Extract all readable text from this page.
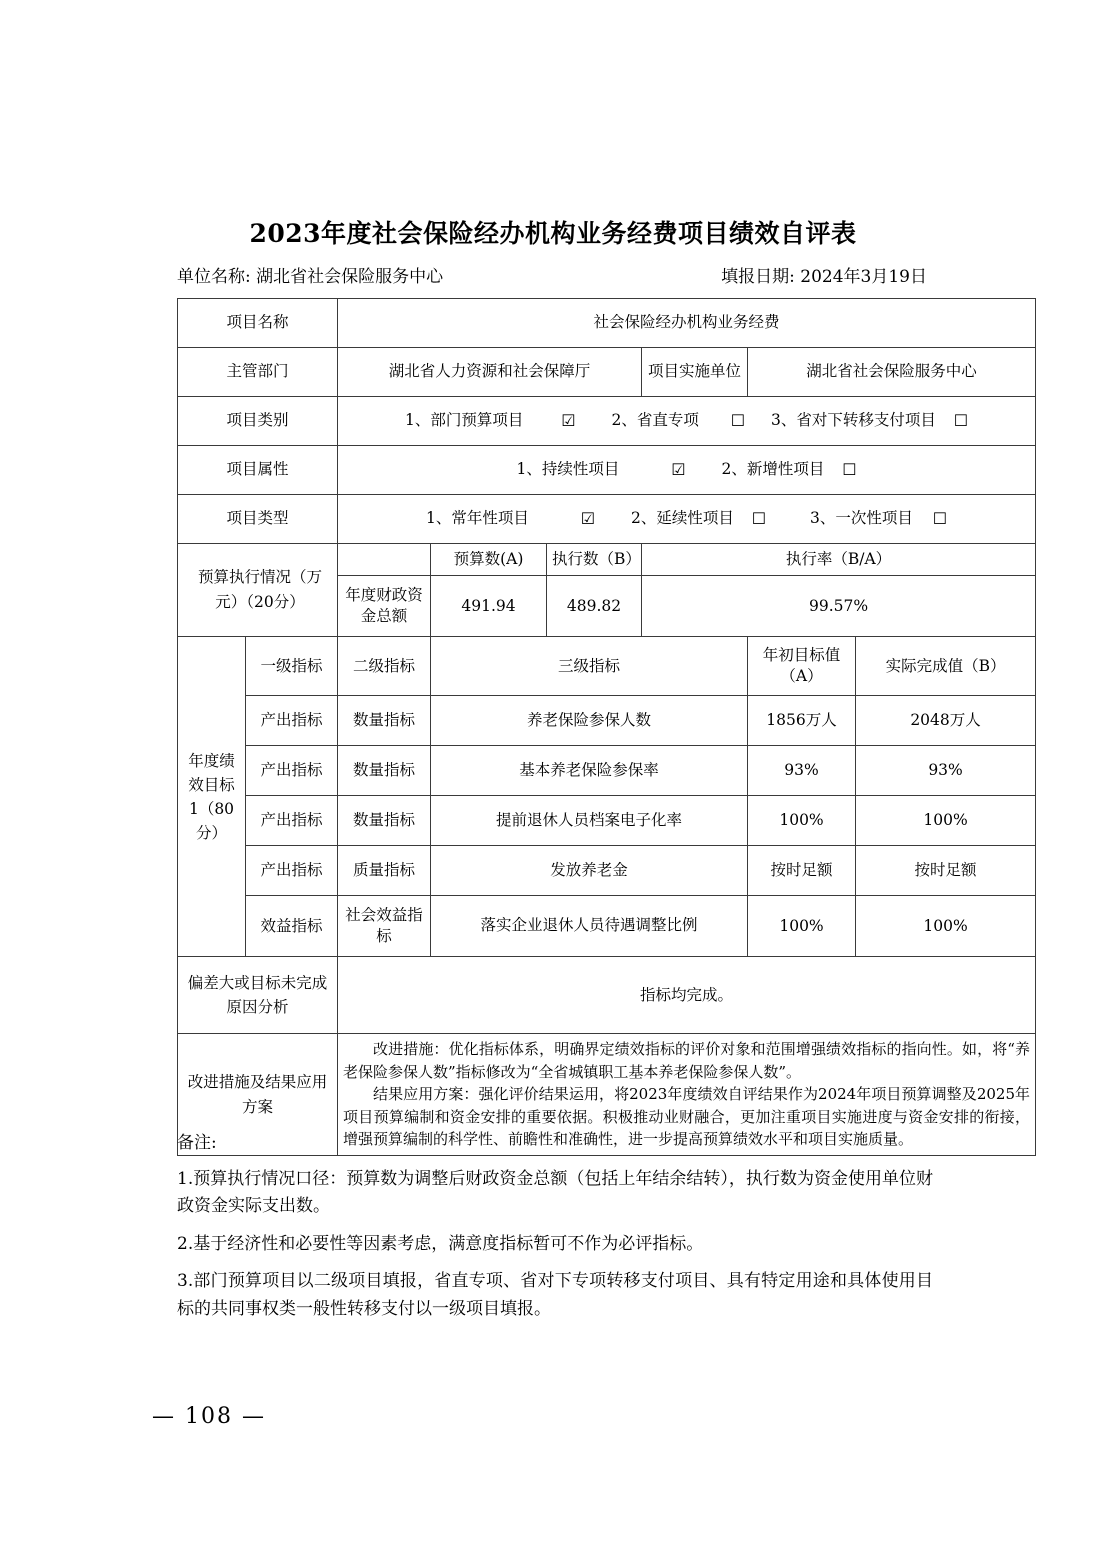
2023年度社会保险经办机构业务经费项目绩效自评表
单位名称: 湖北省社会保险服务中心	填报日期: 2024年3月19日
项目名称		社会保险经办机构业务经费					
主管部门		湖北省人力资源和社会保障厅			项目实施单位	湖北省社会保险服务中心	
项目类别		1、部门预算项目 ☑ 2、省直专项 ☐ 3、省对下转移支付项目 ☐					
项目属性		1、持续性项目 ☑ 2、新增性项目 ☐					
项目类型		1、常年性项目 ☑ 2、延续性项目 ☐ 3、一次性项目 ☐					
预算执行情况（万元）（20分）			预算数(A)	执行数（B）	执行率（B/A）		
		年度财政资金总额	491.94	489.82	99.57%		
年度绩效目标1（80分）	一级指标	二级指标	三级指标			年初目标值（A）	实际完成值（B）
	产出指标	数量指标	养老保险参保人数			1856万人	2048万人
	产出指标	数量指标	基本养老保险参保率			93%	93%
	产出指标	数量指标	提前退休人员档案电子化率			100%	100%
	产出指标	质量指标	发放养老金			按时足额	按时足额
	效益指标	社会效益指标	落实企业退休人员待遇调整比例			100%	100%
偏差大或目标未完成原因分析		指标均完成。					
改进措施及结果应用方案		改进措施：优化指标体系，明确界定绩效指标的评价对象和范围增强绩效指标的指向性。如，将“养老保险参保人数”指标修改为“全省城镇职工基本养老保险参保人数”。

结果应用方案：强化评价结果运用，将2023年度绩效自评结果作为2024年项目预算调整及2025年项目预算编制和资金安排的重要依据。积极推动业财融合，更加注重项目实施进度与资金安排的衔接，增强预算编制的科学性、前瞻性和准确性，进一步提高预算绩效水平和项目实施质量。					

备注:
1.预算执行情况口径：预算数为调整后财政资金总额（包括上年结余结转），执行数为资金使用单位财政资金实际支出数。
2.基于经济性和必要性等因素考虑，满意度指标暂可不作为必评指标。
3.部门预算项目以二级项目填报，省直专项、省对下专项转移支付项目、具有特定用途和具体使用目标的共同事权类一般性转移支付以一级项目填报。
— 108 —
